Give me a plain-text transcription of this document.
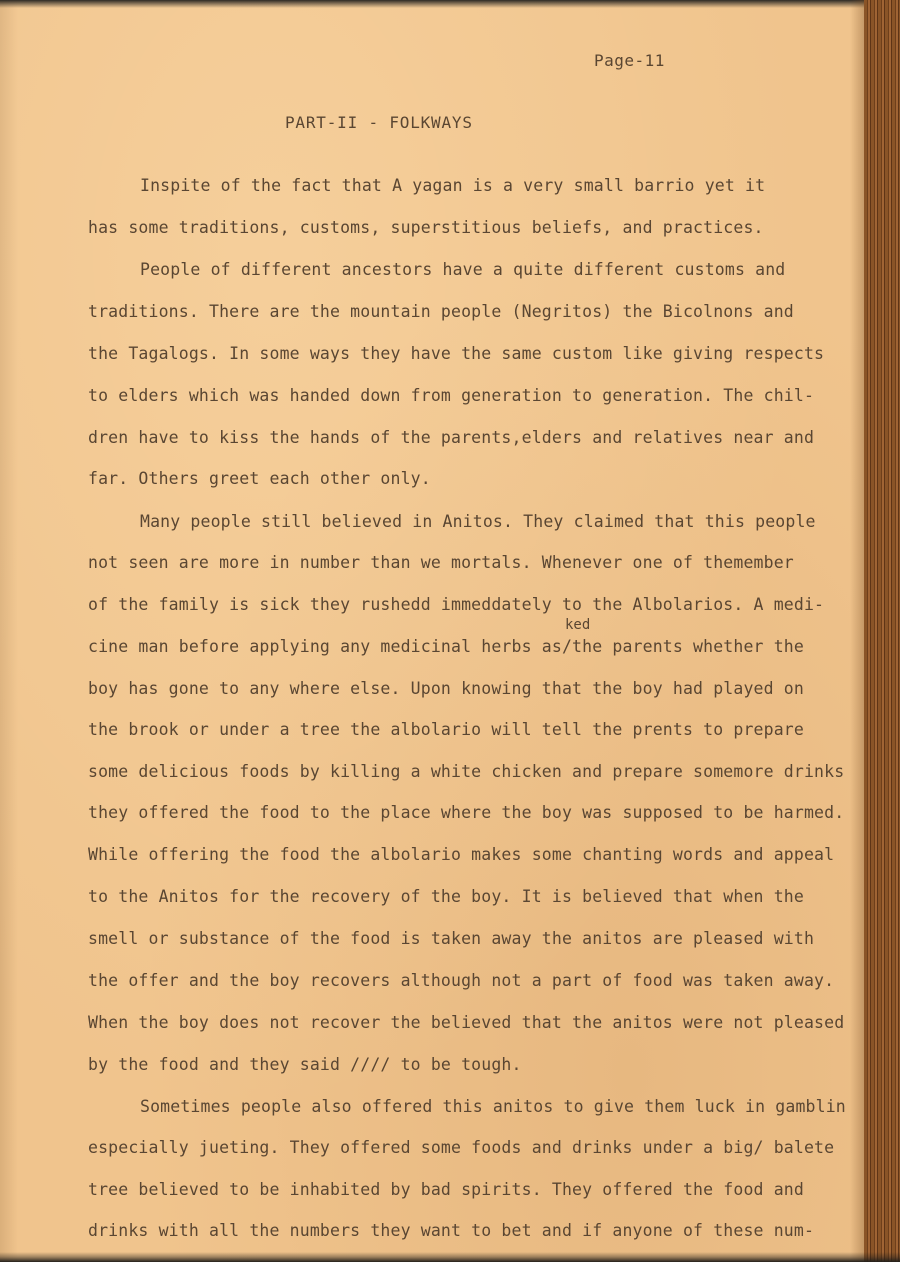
Page-11
PART-II - FOLKWAYS
Inspite of the fact that A yagan is a very small barrio yet it
has some traditions, customs, superstitious beliefs, and practices.
People of different ancestors have a quite different customs and
traditions. There are the mountain people (Negritos) the Bicolnons and
the Tagalogs. In some ways they have the same custom like giving respects
to elders which was handed down from generation to generation. The chil-
dren have to kiss the hands of the parents,elders and relatives near and
far. Others greet each other only.
Many people still believed in Anitos. They claimed that this people
not seen are more in number than we mortals. Whenever one of themember
of the family is sick they rushedd immeddately to the Albolarios. A medi-
ked
cine man before applying any medicinal herbs as/the parents whether the
boy has gone to any where else. Upon knowing that the boy had played on
the brook or under a tree the albolario will tell the prents to prepare
some delicious foods by killing a white chicken and prepare somemore drinks
they offered the food to the place where the boy was supposed to be harmed.
While offering the food the albolario makes some chanting words and appeal
to the Anitos for the recovery of the boy. It is believed that when the
smell or substance of the food is taken away the anitos are pleased with
the offer and the boy recovers although not a part of food was taken away.
When the boy does not recover the believed that the anitos were not pleased
by the food and they said //// to be tough.
Sometimes people also offered this anitos to give them luck in gamblin
especially jueting. They offered some foods and drinks under a big/ balete
tree believed to be inhabited by bad spirits. They offered the food and
drinks with all the numbers they want to bet and if anyone of these num-
